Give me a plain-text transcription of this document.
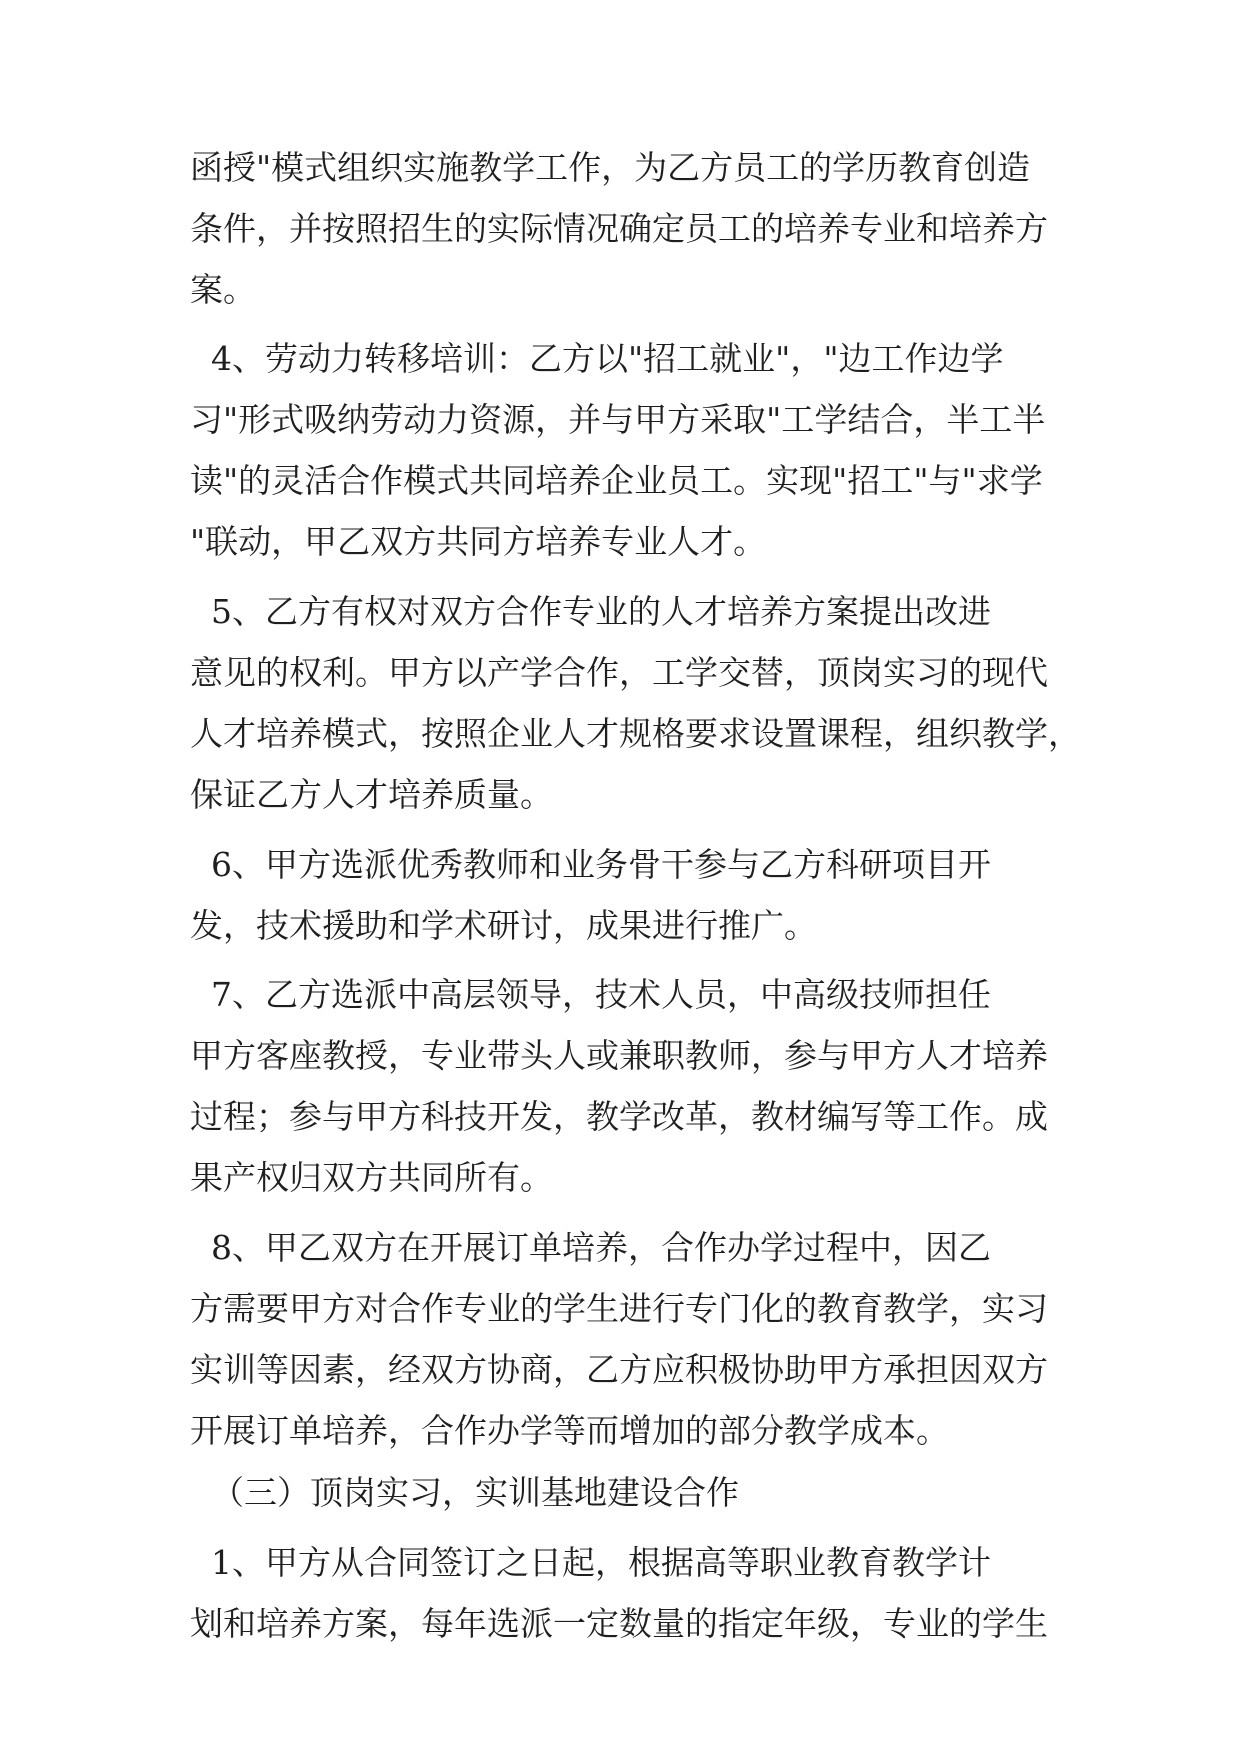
函授"模式组织实施教学工作，为乙方员工的学历教育创造
条件，并按照招生的实际情况确定员工的培养专业和培养方
案。
4、劳动力转移培训：乙方以"招工就业"，"边工作边学
习"形式吸纳劳动力资源，并与甲方采取"工学结合，半工半
读"的灵活合作模式共同培养企业员工。实现"招工"与"求学
"联动，甲乙双方共同方培养专业人才。
5、乙方有权对双方合作专业的人才培养方案提出改进
意见的权利。甲方以产学合作，工学交替，顶岗实习的现代
人才培养模式，按照企业人才规格要求设置课程，组织教学，
保证乙方人才培养质量。
6、甲方选派优秀教师和业务骨干参与乙方科研项目开
发，技术援助和学术研讨，成果进行推广。
7、乙方选派中高层领导，技术人员，中高级技师担任
甲方客座教授，专业带头人或兼职教师，参与甲方人才培养
过程；参与甲方科技开发，教学改革，教材编写等工作。成
果产权归双方共同所有。
8、甲乙双方在开展订单培养，合作办学过程中，因乙
方需要甲方对合作专业的学生进行专门化的教育教学，实习
实训等因素，经双方协商，乙方应积极协助甲方承担因双方
开展订单培养，合作办学等而增加的部分教学成本。
（三）顶岗实习，实训基地建设合作
1、甲方从合同签订之日起，根据高等职业教育教学计
划和培养方案，每年选派一定数量的指定年级，专业的学生
